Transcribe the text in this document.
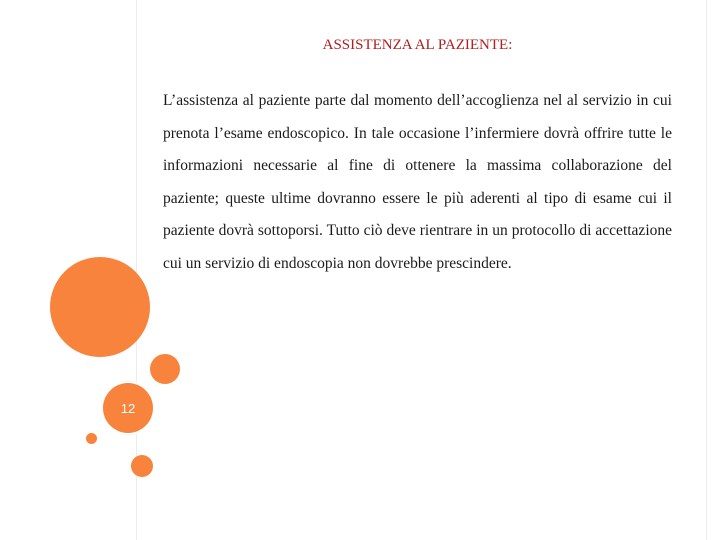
12
ASSISTENZA AL PAZIENTE:

L’assistenza al paziente parte dal momento dell’accoglienza nel al servizio in cui prenota l’esame endoscopico. In tale occasione l’infermiere dovrà offrire tutte le informazioni necessarie al fine di ottenere la massima collaborazione del paziente; queste ultime dovranno essere le più aderenti al tipo di esame cui il paziente dovrà sottoporsi. Tutto ciò deve rientrare in un protocollo di accettazione cui un servizio di endoscopia non dovrebbe prescindere.
